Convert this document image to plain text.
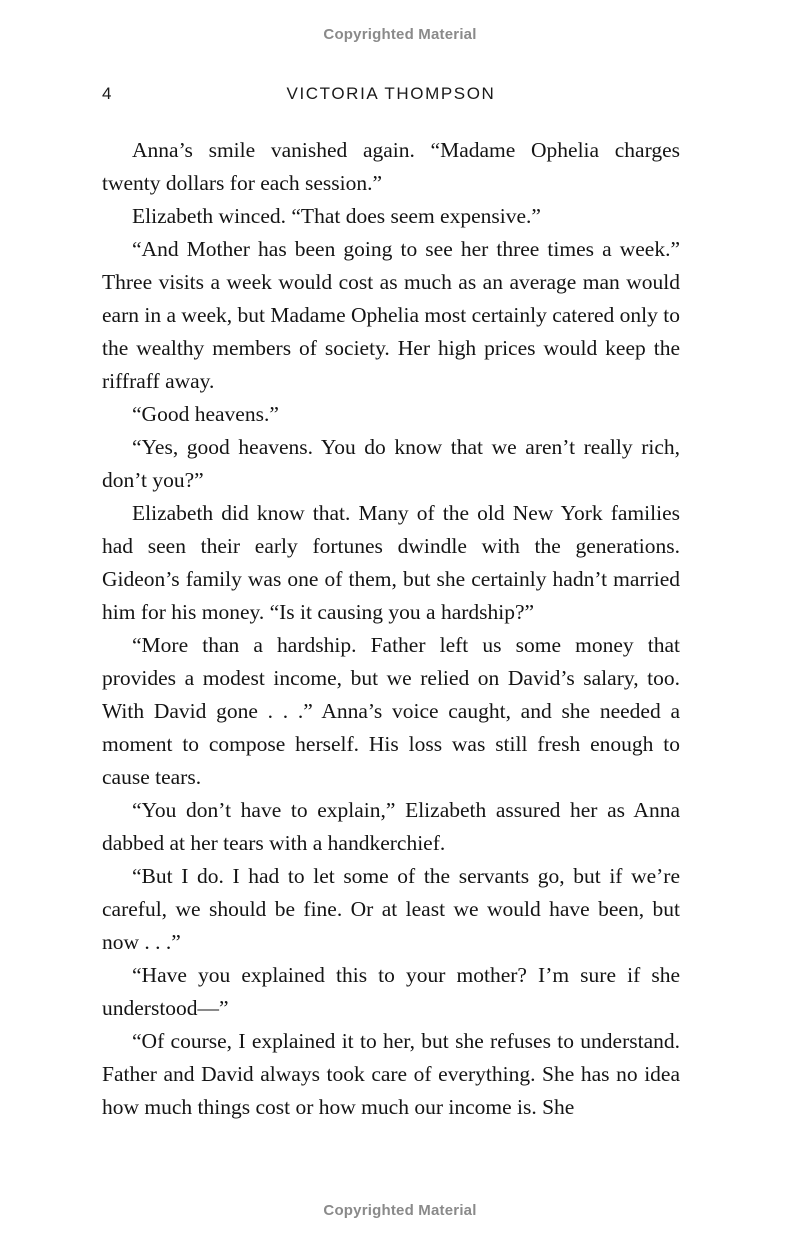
Copyrighted Material
4	VICTORIA THOMPSON

Anna’s smile vanished again. “Madame Ophelia charges twenty dollars for each session.”

Elizabeth winced. “That does seem expensive.”

“And Mother has been going to see her three times a week.” Three visits a week would cost as much as an average man would earn in a week, but Madame Ophelia most certainly catered only to the wealthy members of society. Her high prices would keep the riffraff away.

“Good heavens.”

“Yes, good heavens. You do know that we aren’t really rich, don’t you?”

Elizabeth did know that. Many of the old New York families had seen their early fortunes dwindle with the generations. Gideon’s family was one of them, but she certainly hadn’t married him for his money. “Is it causing you a hardship?”

“More than a hardship. Father left us some money that provides a modest income, but we relied on David’s salary, too. With David gone . . .” Anna’s voice caught, and she needed a moment to compose herself. His loss was still fresh enough to cause tears.

“You don’t have to explain,” Elizabeth assured her as Anna dabbed at her tears with a handkerchief.

“But I do. I had to let some of the servants go, but if we’re careful, we should be fine. Or at least we would have been, but now . . .”

“Have you explained this to your mother? I’m sure if she understood—”

“Of course, I explained it to her, but she refuses to understand. Father and David always took care of everything. She has no idea how much things cost or how much our income is. She

Copyrighted Material
